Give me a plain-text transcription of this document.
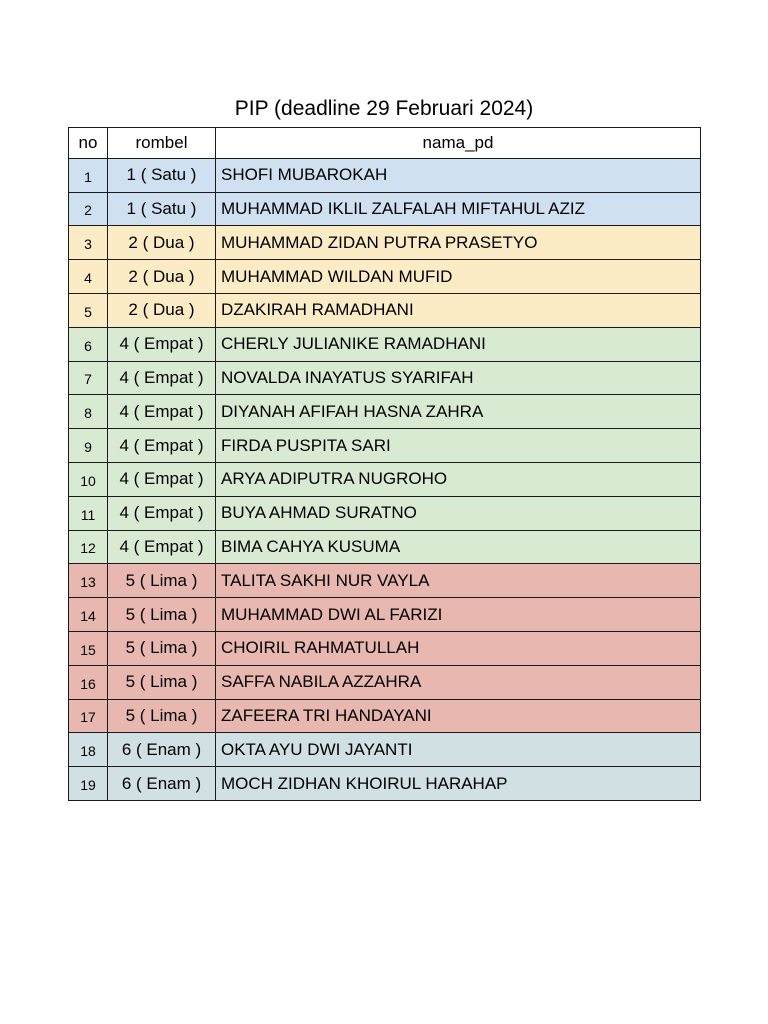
PIP (deadline 29 Februari 2024)
no	rombel	nama_pd
1	1 ( Satu )	SHOFI MUBAROKAH
2	1 ( Satu )	MUHAMMAD IKLIL ZALFALAH MIFTAHUL AZIZ
3	2 ( Dua )	MUHAMMAD ZIDAN PUTRA PRASETYO
4	2 ( Dua )	MUHAMMAD WILDAN MUFID
5	2 ( Dua )	DZAKIRAH RAMADHANI
6	4 ( Empat )	CHERLY JULIANIKE RAMADHANI
7	4 ( Empat )	NOVALDA INAYATUS SYARIFAH
8	4 ( Empat )	DIYANAH AFIFAH HASNA ZAHRA
9	4 ( Empat )	FIRDA PUSPITA SARI
10	4 ( Empat )	ARYA ADIPUTRA NUGROHO
11	4 ( Empat )	BUYA AHMAD SURATNO
12	4 ( Empat )	BIMA CAHYA KUSUMA
13	5 ( Lima )	TALITA SAKHI NUR VAYLA
14	5 ( Lima )	MUHAMMAD DWI AL FARIZI
15	5 ( Lima )	CHOIRIL RAHMATULLAH
16	5 ( Lima )	SAFFA NABILA AZZAHRA
17	5 ( Lima )	ZAFEERA TRI HANDAYANI
18	6 ( Enam )	OKTA AYU DWI JAYANTI
19	6 ( Enam )	MOCH ZIDHAN KHOIRUL HARAHAP
